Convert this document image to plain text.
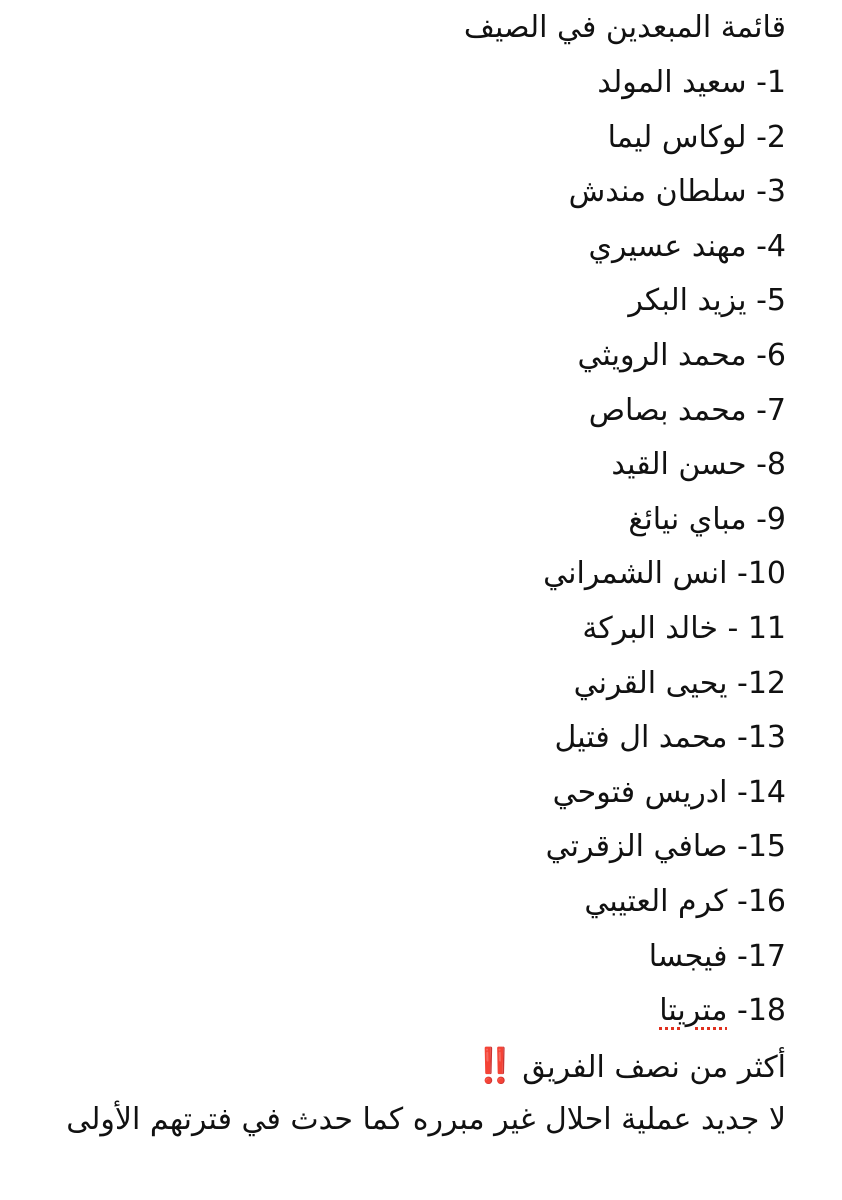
قائمة المبعدين في الصيف
1- سعيد المولد
2- لوكاس ليما
3- سلطان مندش
4- مهند عسيري
5- يزيد البكر
6- محمد الرويثي
7- محمد بصاص
8- حسن القيد
9- مباي نيائغ
10- انس الشمراني
11 - خالد البركة
12- يحيى القرني
13- محمد ال فتيل
14- ادريس فتوحي
15- صافي الزقرتي
16- كرم العتيبي
17- فيجسا
18- متريتا
أكثر من نصف الفريق‼️
لا جديد عملية احلال غير مبرره كما حدث في فترتهم الأولى
